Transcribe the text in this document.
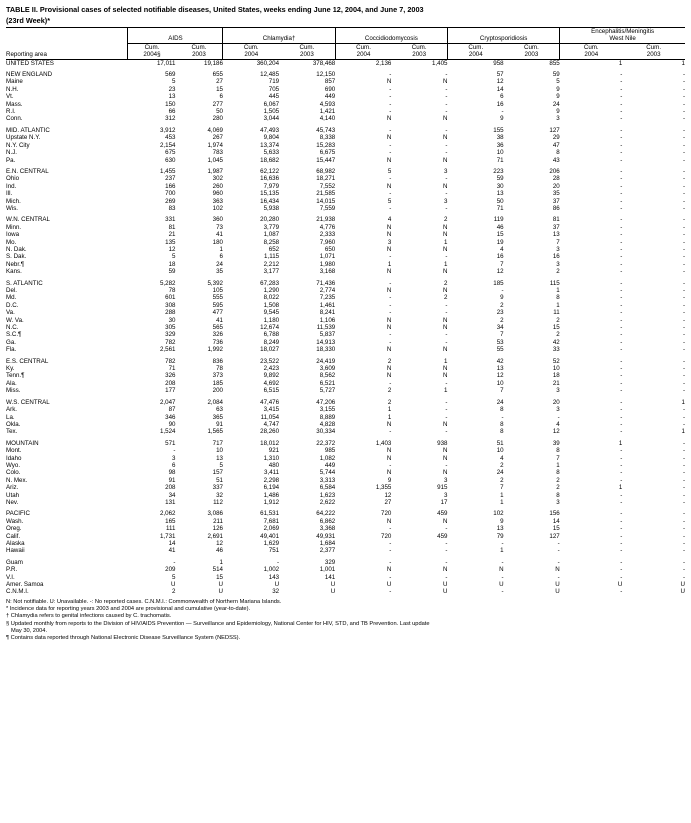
TABLE II. Provisional cases of selected notifiable diseases, United States, weeks ending June 12, 2004, and June 7, 2003
(23rd Week)*
	AIDS		Chlamydia†		Coccidiodomycosis		Cryptosporidiosis		Encephalitis/Meningitis
West Nile	

	Cum.	Cum.	Cum.	Cum.	Cum.	Cum.	Cum.	Cum.	Cum.	Cum.
Reporting area	2004§	2003	2004	2003	2004	2003	2004	2003	2004	2003
UNITED STATES	17,011	19,186	360,204	378,468	2,136	1,405	958	855	1	1

NEW ENGLAND	569	655	12,485	12,150	-	-	57	59	-	-
Maine	5	27	719	857	N	N	12	5	-	-
N.H.	23	15	705	690	-	-	14	9	-	-
Vt.	13	6	445	449	-	-	6	9	-	-
Mass.	150	277	6,067	4,593	-	-	16	24	-	-
R.I.	66	50	1,505	1,421	-	-	-	9	-	-
Conn.	312	280	3,044	4,140	N	N	9	3	-	-

MID. ATLANTIC	3,912	4,069	47,493	45,743	-	-	155	127	-	-
Upstate N.Y.	453	267	9,804	8,338	N	N	38	29	-	-
N.Y. City	2,154	1,974	13,374	15,283	-	-	36	47	-	-
N.J.	675	783	5,633	6,675	-	-	10	8	-	-
Pa.	630	1,045	18,682	15,447	N	N	71	43	-	-

E.N. CENTRAL	1,455	1,987	62,122	68,982	5	3	223	206	-	-
Ohio	237	302	16,636	18,271	-	-	59	28	-	-
Ind.	166	260	7,979	7,552	N	N	30	20	-	-
Ill.	700	960	15,135	21,585	-	-	13	35	-	-
Mich.	269	363	16,434	14,015	5	3	50	37	-	-
Wis.	83	102	5,938	7,559	-	-	71	86	-	-

W.N. CENTRAL	331	360	20,280	21,938	4	2	119	81	-	-
Minn.	81	73	3,779	4,776	N	N	46	37	-	-
Iowa	21	41	1,087	2,333	N	N	15	13	-	-
Mo.	135	180	8,258	7,960	3	1	19	7	-	-
N. Dak.	12	1	652	650	N	N	4	3	-	-
S. Dak.	5	6	1,115	1,071	-	-	16	16	-	-
Nebr.¶	18	24	2,212	1,980	1	1	7	3	-	-
Kans.	59	35	3,177	3,168	N	N	12	2	-	-

S. ATLANTIC	5,282	5,392	67,283	71,436	-	2	185	115	-	-
Del.	78	105	1,290	2,774	N	N	-	1	-	-
Md.	601	555	8,022	7,235	-	2	9	8	-	-
D.C.	308	595	1,508	1,461	-	-	2	1	-	-
Va.	288	477	9,545	8,241	-	-	23	11	-	-
W. Va.	30	41	1,180	1,106	N	N	2	2	-	-
N.C.	305	565	12,674	11,539	N	N	34	15	-	-
S.C.¶	329	326	6,788	5,837	-	-	7	2	-	-
Ga.	782	736	8,249	14,913	-	-	53	42	-	-
Fla.	2,561	1,992	18,027	18,330	N	N	55	33	-	-

E.S. CENTRAL	782	836	23,522	24,419	2	1	42	52	-	-
Ky.	71	78	2,423	3,609	N	N	13	10	-	-
Tenn.¶	326	373	9,892	8,562	N	N	12	18	-	-
Ala.	208	185	4,692	6,521	-	-	10	21	-	-
Miss.	177	200	6,515	5,727	2	1	7	3	-	-

W.S. CENTRAL	2,047	2,084	47,476	47,206	2	-	24	20	-	1
Ark.	87	63	3,415	3,155	1	-	8	3	-	-
La.	346	365	11,054	8,889	1	-	-	-	-	-
Okla.	90	91	4,747	4,828	N	N	8	4	-	-
Tex.	1,524	1,565	28,260	30,334	-	-	8	12	-	1

MOUNTAIN	571	717	18,012	22,372	1,403	938	51	39	1	-
Mont.	-	10	921	985	N	N	10	8	-	-
Idaho	3	13	1,310	1,082	N	N	4	7	-	-
Wyo.	6	5	480	449	-	-	2	1	-	-
Colo.	98	157	3,411	5,744	N	N	24	8	-	-
N. Mex.	91	51	2,298	3,313	9	3	2	2	-	-
Ariz.	208	337	6,194	6,584	1,355	915	7	2	1	-
Utah	34	32	1,486	1,623	12	3	1	8	-	-
Nev.	131	112	1,912	2,622	27	17	1	3	-	-

PACIFIC	2,062	3,086	61,531	64,222	720	459	102	156	-	-
Wash.	165	211	7,681	6,862	N	N	9	14	-	-
Oreg.	111	126	2,069	3,368	-	-	13	15	-	-
Calif.	1,731	2,691	49,401	49,931	720	459	79	127	-	-
Alaska	14	12	1,629	1,684	-	-	-	-	-	-
Hawaii	41	46	751	2,377	-	-	1	-	-	-

Guam	-	1	-	329	-	-	-	-	-	-
P.R.	209	514	1,002	1,001	N	N	N	N	-	-
V.I.	5	15	143	141	-	-	-	-	-	-
Amer. Samoa	U	U	U	U	U	U	U	U	U	U
C.N.M.I.	2	U	32	U	-	U	-	U	-	U
N: Not notifiable. U: Unavailable. -: No reported cases. C.N.M.I.: Commonwealth of Northern Mariana Islands.
* Incidence data for reporting years 2003 and 2004 are provisional and cumulative (year-to-date).
† Chlamydia refers to genital infections caused by C. trachomatis.
§ Updated monthly from reports to the Division of HIV/AIDS Prevention — Surveillance and Epidemiology, National Center for HIV, STD, and TB Prevention. Last update
May 30, 2004.
¶ Contains data reported through National Electronic Disease Surveillance System (NEDSS).
